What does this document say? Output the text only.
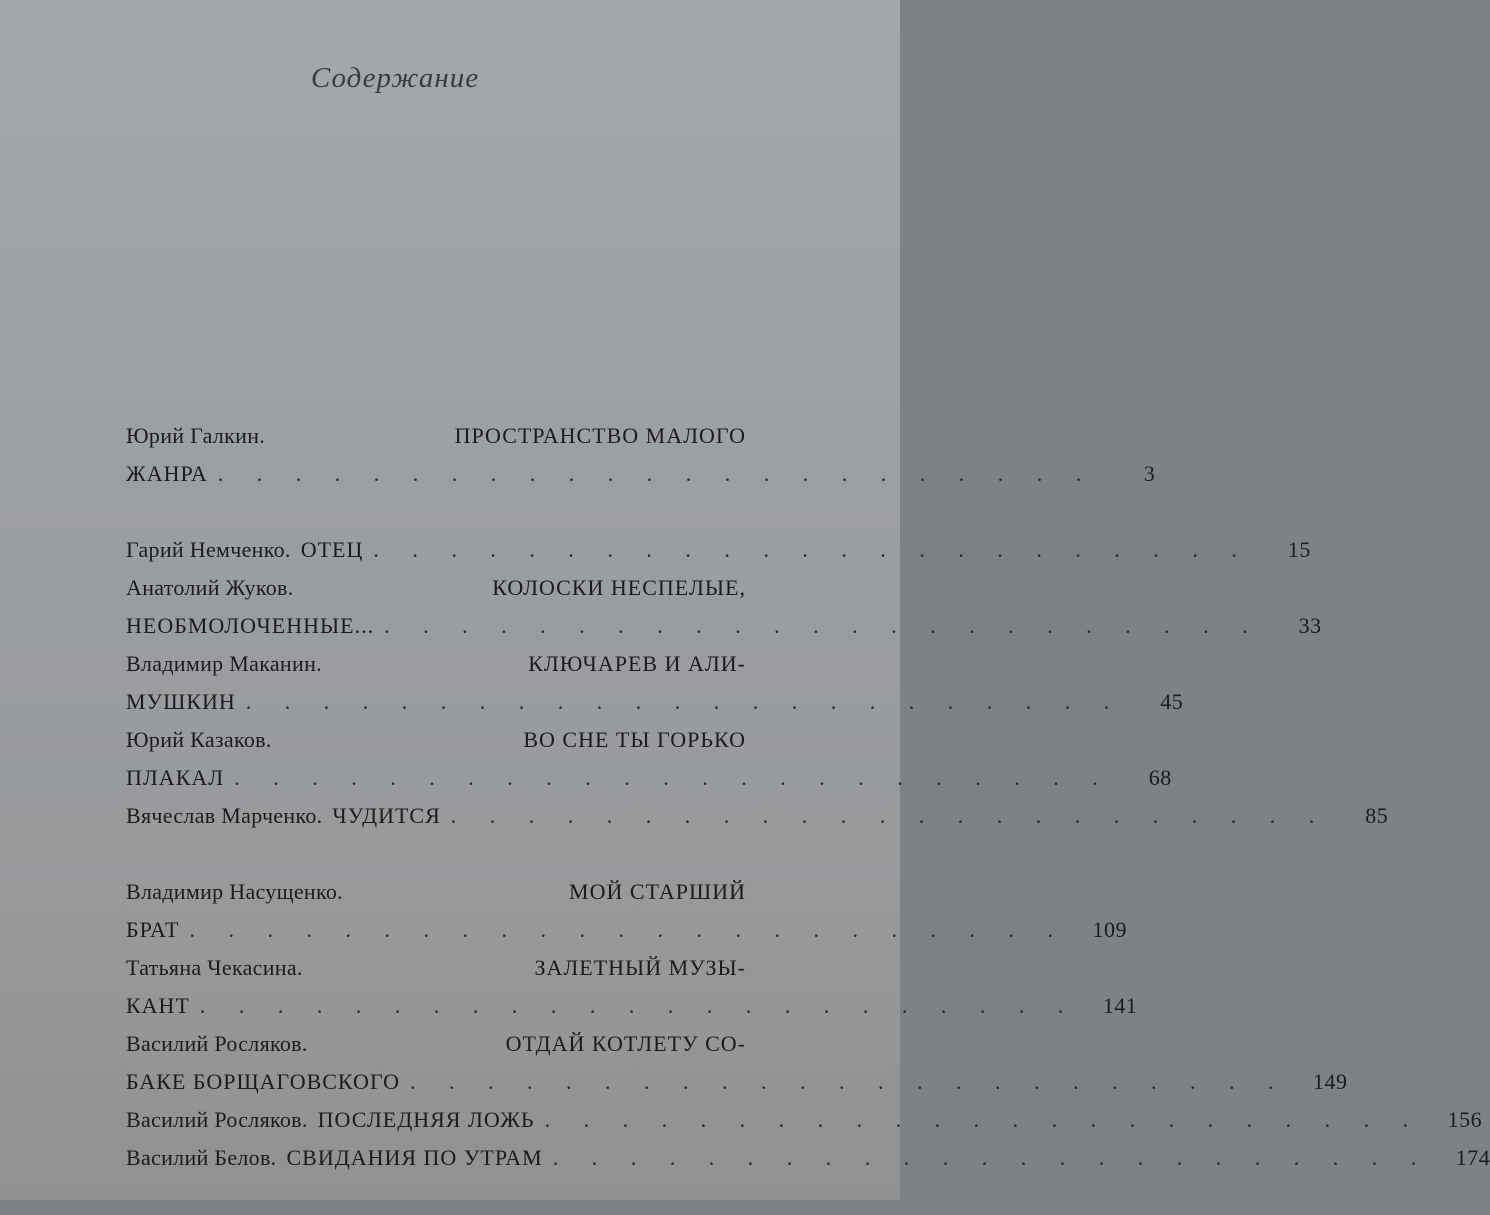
Содержание
Юрий Галкин.	ПРОСТРАНСТВО МАЛОГО
ЖАНРА . . . . . . . . . . . . . . . . . . . . . . .	3
Гарий Немченко. ОТЕЦ . . . . . . . . . . . . . . . . . . . . . . .	15
Анатолий Жуков.	КОЛОСКИ НЕСПЕЛЫЕ,
НЕОБМОЛОЧЕННЫЕ... . . . . . . . . . . . . . . . . . . . . . . .	33
Владимир Маканин.	КЛЮЧАРЕВ И АЛИ-
МУШКИН . . . . . . . . . . . . . . . . . . . . . . .	45
Юрий Казаков.	ВО СНЕ ТЫ ГОРЬКО
ПЛАКАЛ . . . . . . . . . . . . . . . . . . . . . . .	68
Вячеслав Марченко. ЧУДИТСЯ . . . . . . . . . . . . . . . . . . . . . . .	85
Владимир Насущенко.	МОЙ СТАРШИЙ
БРАТ . . . . . . . . . . . . . . . . . . . . . . .	109
Татьяна Чекасина.	ЗАЛЕТНЫЙ МУЗЫ-
КАНТ . . . . . . . . . . . . . . . . . . . . . . .	141
Василий Росляков.	ОТДАЙ КОТЛЕТУ СО-
БАКЕ БОРЩАГОВСКОГО . . . . . . . . . . . . . . . . . . . . . . .	149
Василий Росляков. ПОСЛЕДНЯЯ ЛОЖЬ . . . . . . . . . . . . . . . . . . . . . . .	156
Василий Белов. СВИДАНИЯ ПО УТРАМ . . . . . . . . . . . . . . . . . . . . . . .	174
